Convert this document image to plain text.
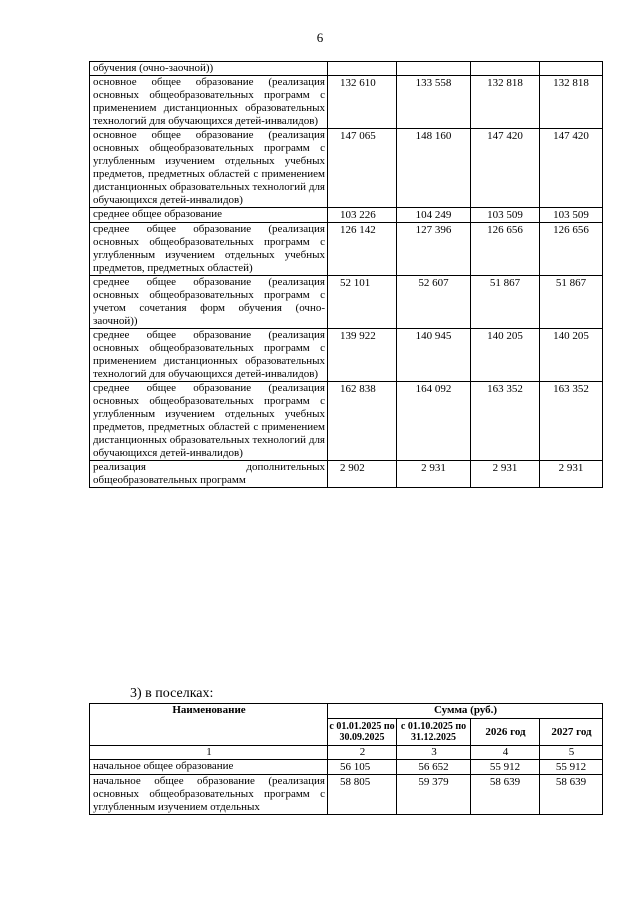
6
обучения (очно-заочной))				
основное общее образование (реализация основных общеобразовательных программ с применением дистанционных образовательных технологий для обучающихся детей-инвалидов)	132 610	133 558	132 818	132 818
основное общее образование (реализация основных общеобразовательных программ с углубленным изучением отдельных учебных предметов, предметных областей с применением дистанционных образовательных технологий для обучающихся детей-инвалидов)	147 065	148 160	147 420	147 420
среднее общее образование	103 226	104 249	103 509	103 509
среднее общее образование (реализация основных общеобразовательных программ с углубленным изучением отдельных учебных предметов, предметных областей)	126 142	127 396	126 656	126 656
среднее общее образование (реализация основных общеобразовательных программ с учетом сочетания форм обучения (очно-заочной))	52 101	52 607	51 867	51 867
среднее общее образование (реализация основных общеобразовательных программ с применением дистанционных образовательных технологий для обучающихся детей-инвалидов)	139 922	140 945	140 205	140 205
среднее общее образование (реализация основных общеобразовательных программ с углубленным изучением отдельных учебных предметов, предметных областей с применением дистанционных образовательных технологий для обучающихся детей-инвалидов)	162 838	164 092	163 352	163 352
реализация дополнительных общеобразовательных программ	2 902	2 931	2 931	2 931
3) в поселках:
Наименование	Сумма (руб.)			
	с 01.01.2025 по 30.09.2025	с 01.10.2025 по 31.12.2025	2026 год	2027 год
1	2	3	4	5
начальное общее образование	56 105	56 652	55 912	55 912
начальное общее образование (реализация основных общеобразовательных программ с углубленным изучением отдельных	58 805	59 379	58 639	58 639
